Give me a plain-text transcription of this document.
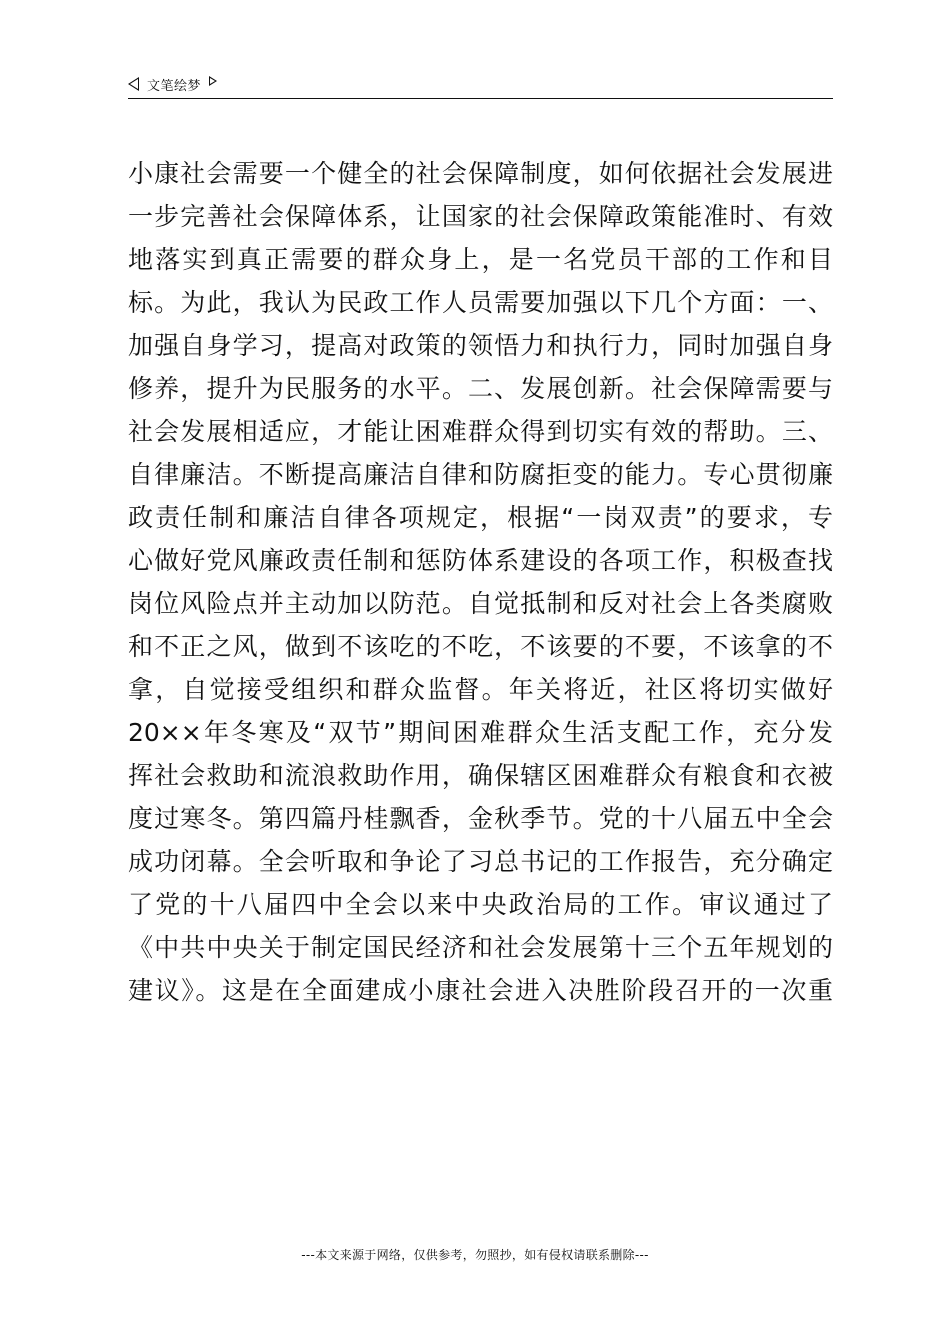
文笔绘梦
小康社会需要一个健全的社会保障制度，如何依据社会发展进
一步完善社会保障体系，让国家的社会保障政策能准时、有效
地落实到真正需要的群众身上，是一名党员干部的工作和目
标。为此，我认为民政工作人员需要加强以下几个方面：一、
加强自身学习，提高对政策的领悟力和执行力，同时加强自身
修养，提升为民服务的水平。二、发展创新。社会保障需要与
社会发展相适应，才能让困难群众得到切实有效的帮助。三、
自律廉洁。不断提高廉洁自律和防腐拒变的能力。专心贯彻廉
政责任制和廉洁自律各项规定，根据“一岗双责”的要求，专
心做好党风廉政责任制和惩防体系建设的各项工作，积极查找
岗位风险点并主动加以防范。自觉抵制和反对社会上各类腐败
和不正之风，做到不该吃的不吃，不该要的不要，不该拿的不
拿，自觉接受组织和群众监督。年关将近，社区将切实做好
20××年冬寒及“双节”期间困难群众生活支配工作，充分发
挥社会救助和流浪救助作用，确保辖区困难群众有粮食和衣被
度过寒冬。第四篇丹桂飘香，金秋季节。党的十八届五中全会
成功闭幕。全会听取和争论了习总书记的工作报告，充分确定
了党的十八届四中全会以来中央政治局的工作。审议通过了
《中共中央关于制定国民经济和社会发展第十三个五年规划的
建议》。这是在全面建成小康社会进入决胜阶段召开的一次重
---本文来源于网络，仅供参考，勿照抄，如有侵权请联系删除---
